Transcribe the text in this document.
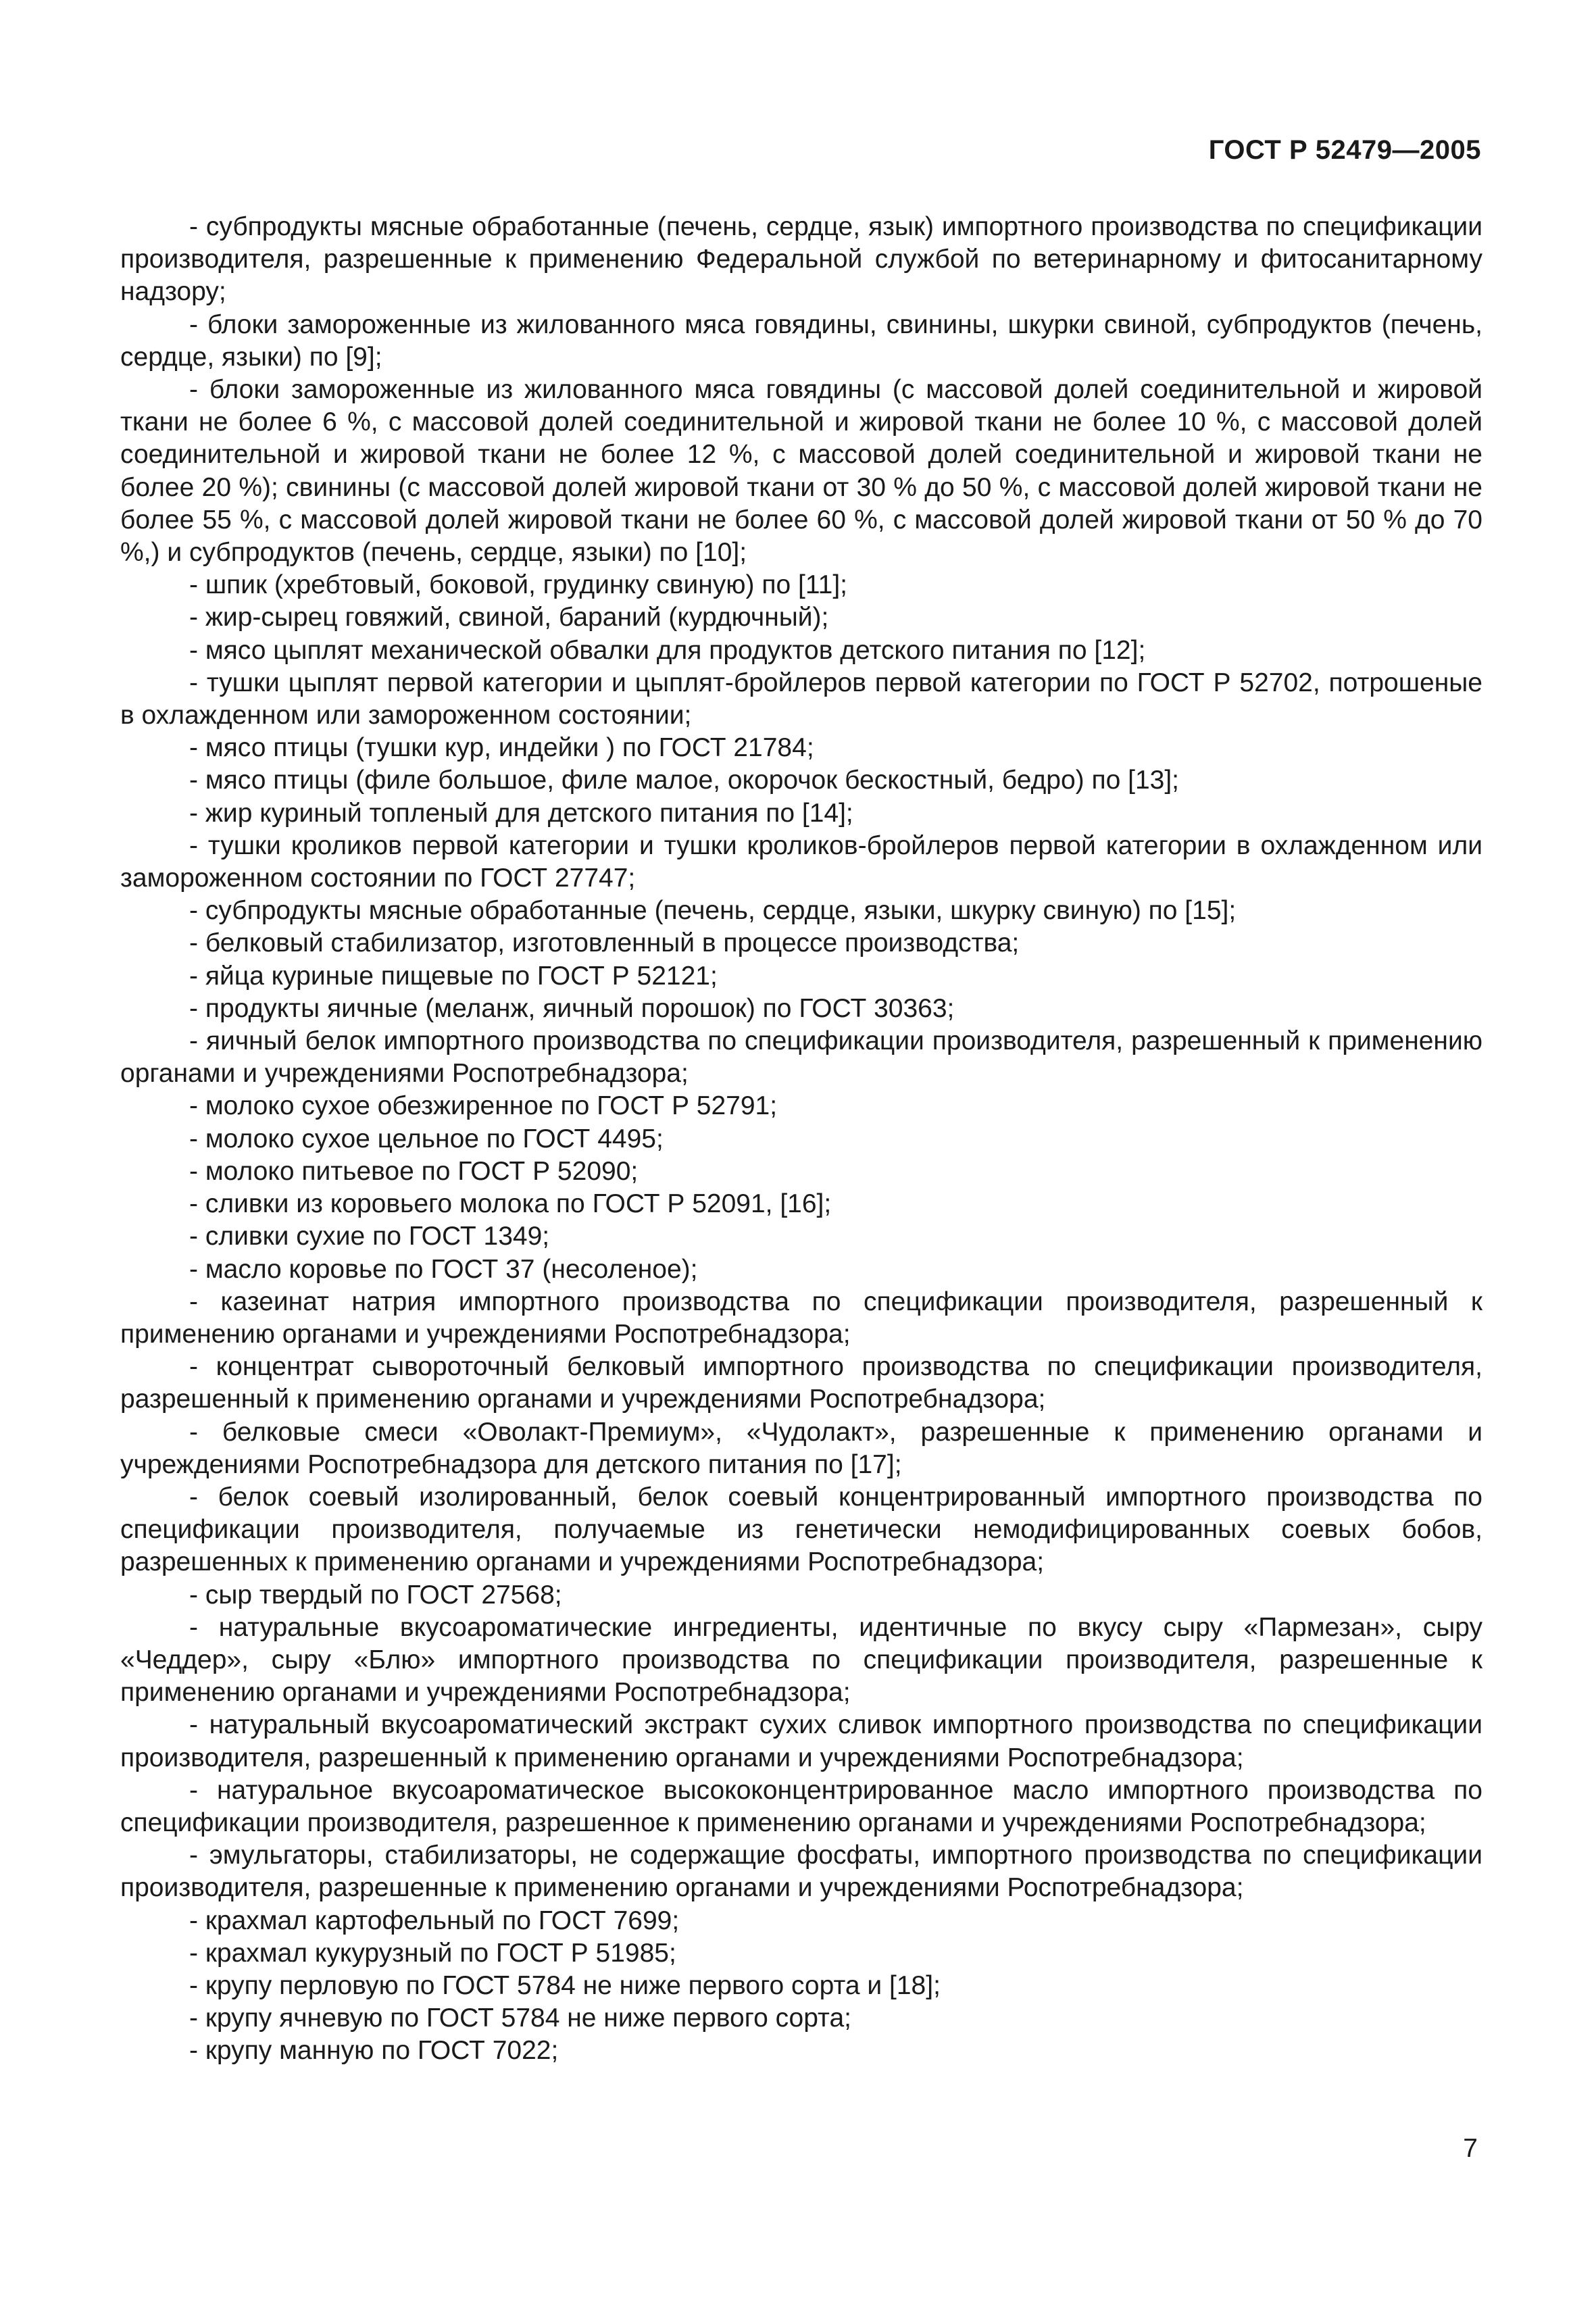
ГОСТ Р 52479—2005

- субпродукты мясные обработанные (печень, сердце, язык) импортного производства по спецификации производителя, разрешенные к применению Федеральной службой по ветеринарному и фитосанитарному надзору;

- блоки замороженные из жилованного мяса говядины, свинины, шкурки свиной, субпродуктов (печень, сердце, языки) по [9];

- блоки замороженные из жилованного мяса говядины (с массовой долей соединительной и жировой ткани не более 6 %, с массовой долей соединительной и жировой ткани не более 10 %, с массовой долей соединительной и жировой ткани не более 12 %, с массовой долей соединительной и жировой ткани не более 20 %); свинины (с массовой долей жировой ткани от 30 % до 50 %, с массовой долей жировой ткани не более 55 %, с массовой долей жировой ткани не более 60 %, с массовой долей жировой ткани от 50 % до 70 %,) и субпродуктов (печень, сердце, языки) по [10];

- шпик (хребтовый, боковой, грудинку свиную) по [11];

- жир-сырец говяжий, свиной, бараний (курдючный);

- мясо цыплят механической обвалки для продуктов детского питания по [12];

- тушки цыплят первой категории и цыплят-бройлеров первой категории по ГОСТ Р 52702, потрошеные в охлажденном или замороженном состоянии;

- мясо птицы (тушки кур, индейки ) по ГОСТ 21784;

- мясо птицы (филе большое, филе малое, окорочок бескостный, бедро) по [13];

- жир куриный топленый для детского питания по [14];

- тушки кроликов первой категории и тушки кроликов-бройлеров первой категории в охлажденном или замороженном состоянии по ГОСТ 27747;

- субпродукты мясные обработанные (печень, сердце, языки, шкурку свиную) по [15];

- белковый стабилизатор, изготовленный в процессе производства;

- яйца куриные пищевые по ГОСТ Р 52121;

- продукты яичные (меланж, яичный порошок) по ГОСТ 30363;

- яичный белок импортного производства по спецификации производителя, разрешенный к применению органами и учреждениями Роспотребнадзора;

- молоко сухое обезжиренное по ГОСТ Р 52791;

- молоко сухое цельное по ГОСТ 4495;

- молоко питьевое по ГОСТ Р 52090;

- сливки из коровьего молока по ГОСТ Р 52091, [16];

- сливки сухие по ГОСТ 1349;

- масло коровье по ГОСТ 37 (несоленое);

- казеинат натрия импортного производства по спецификации производителя, разрешенный к применению органами и учреждениями Роспотребнадзора;

- концентрат сывороточный белковый импортного производства по спецификации производителя, разрешенный к применению органами и учреждениями Роспотребнадзора;

- белковые смеси «Оволакт-Премиум», «Чудолакт», разрешенные к применению органами и учреждениями Роспотребнадзора для детского питания по [17];

- белок соевый изолированный, белок соевый концентрированный импортного производства по спецификации производителя, получаемые из генетически немодифицированных соевых бобов, разрешенных к применению органами и учреждениями Роспотребнадзора;

- сыр твердый по ГОСТ 27568;

- натуральные вкусоароматические ингредиенты, идентичные по вкусу сыру «Пармезан», сыру «Чеддер», сыру «Блю» импортного производства по спецификации производителя, разрешенные к применению органами и учреждениями Роспотребнадзора;

- натуральный вкусоароматический экстракт сухих сливок импортного производства по спецификации производителя, разрешенный к применению органами и учреждениями Роспотребнадзора;

- натуральное вкусоароматическое высококонцентрированное масло импортного производства по спецификации производителя, разрешенное к применению органами и учреждениями Роспотребнадзора;

- эмульгаторы, стабилизаторы, не содержащие фосфаты, импортного производства по спецификации производителя, разрешенные к применению органами и учреждениями Роспотребнадзора;

- крахмал картофельный по ГОСТ 7699;

- крахмал кукурузный по ГОСТ Р 51985;

- крупу перловую по ГОСТ 5784 не ниже первого сорта и [18];

- крупу ячневую по ГОСТ 5784 не ниже первого сорта;

- крупу манную по ГОСТ 7022;

7
